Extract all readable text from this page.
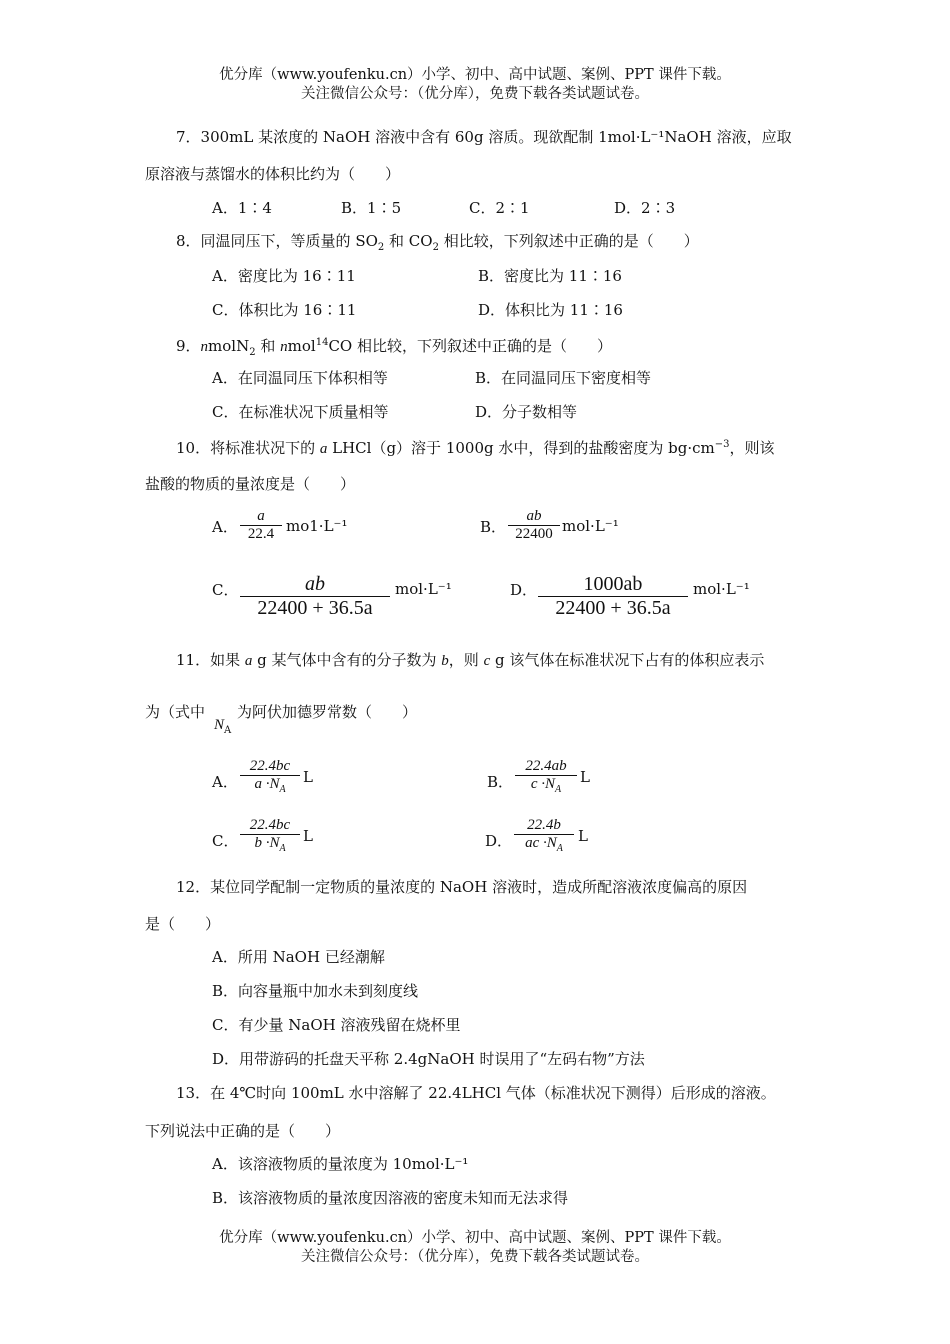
优分库（www.youfenku.cn）小学、初中、高中试题、案例、PPT 课件下载。
关注微信公众号：（优分库），免费下载各类试题试卷。
7．300mL 某浓度的 NaOH 溶液中含有 60g 溶质。现欲配制 1mol·L⁻¹NaOH 溶液，应取
原溶液与蒸馏水的体积比约为（　　）
A．1∶4	B．1∶5	C．2∶1	D．2∶3
8．同温同压下，等质量的 $SO_2$ 和 $CO_2$ 相比较，下列叙述中正确的是（　　）
A．密度比为 16∶11	B．密度比为 11∶16
C．体积比为 16∶11	D．体积比为 11∶16
9．nmolN$_2$ 和 nmol$^{14}$CO 相比较，下列叙述中正确的是（　　）
A．在同温同压下体积相等	B．在同温同压下密度相等
C．在标准状况下质量相等	D．分子数相等
10．将标准状况下的 a LHCl（g）溶于 1000g 水中，得到的盐酸密度为 $bg\cdot cm^{-3}$，则该
盐酸的物质的量浓度是（　　）
A．
a
22.4 mo1·L⁻¹	B．
ab
22400 mol·L⁻¹
C．	ab
22400 + 36.5a
mol·L⁻¹	D．	1000ab
22400 + 36.5a
mol·L⁻¹
11．如果 a g 某气体中含有的分子数为 b，则 c g 该气体在标准状况下占有的体积应表示
为（式中
$N_A$
为阿伏加德罗常数（　　）
A．
22.4bc
$a \cdot N_A$
L	B．
22.4ab
$c \cdot N_A$
L
C．
22.4bc
$b \cdot N_A$
L	D．
22.4b
ac $\cdot N_A$
L
12．某位同学配制一定物质的量浓度的 NaOH 溶液时，造成所配溶液浓度偏高的原因
是（　　）
A．所用 NaOH 已经潮解
B．向容量瓶中加水未到刻度线
C．有少量 NaOH 溶液残留在烧杯里
D．用带游码的托盘天平称 2.4gNaOH 时误用了“左码右物”方法
13．在 4℃时向 100mL 水中溶解了 22.4LHCl 气体（标准状况下测得）后形成的溶液。
下列说法中正确的是（　　）
A．该溶液物质的量浓度为 10mol·L⁻¹
B．该溶液物质的量浓度因溶液的密度未知而无法求得
优分库（www.youfenku.cn）小学、初中、高中试题、案例、PPT 课件下载。
关注微信公众号：（优分库），免费下载各类试题试卷。
